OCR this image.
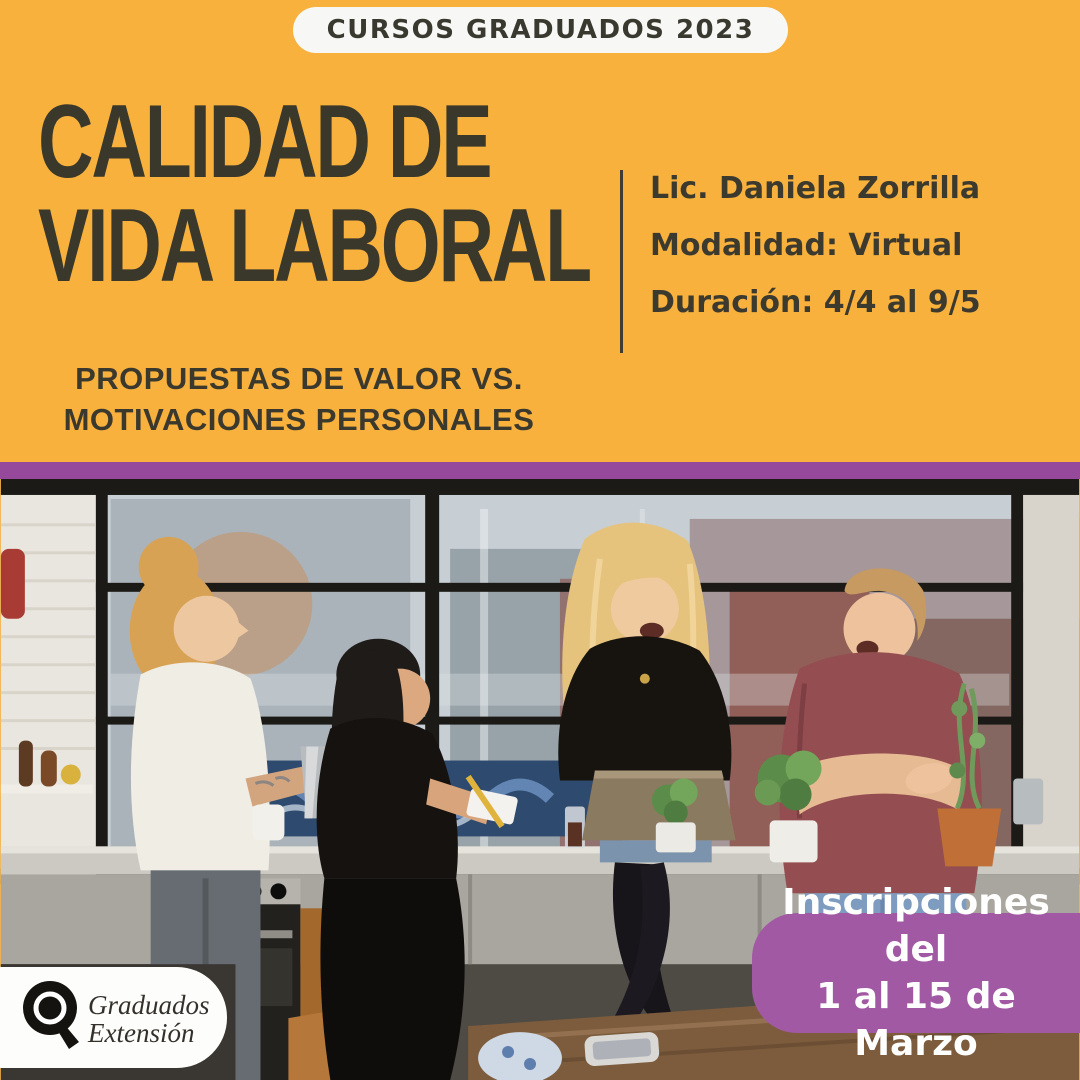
CURSOS GRADUADOS 2023
CALIDAD DE
VIDA LABORAL
PROPUESTAS DE VALOR VS.
MOTIVACIONES PERSONALES
Lic. Daniela Zorrilla
Modalidad: Virtual
Duración: 4/4 al 9/5
Inscripciones del
1 al 15 de Marzo
Graduados
Extensión
